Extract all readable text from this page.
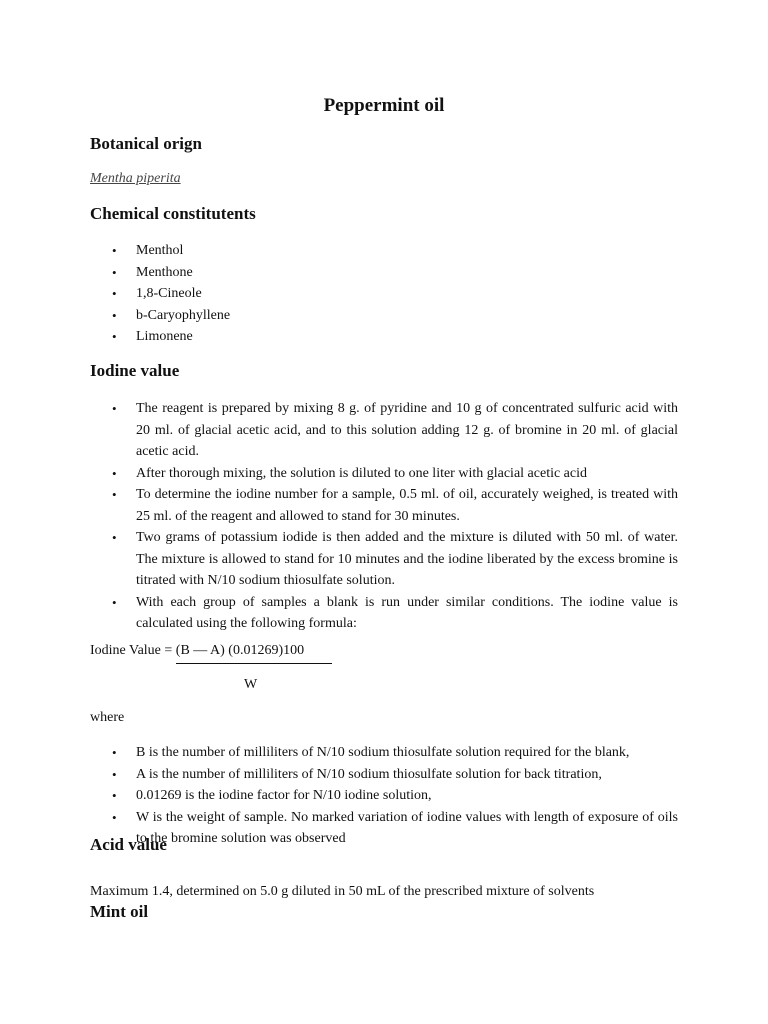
Peppermint oil
Botanical orign

Mentha piperita

Chemical constitutents
• Menthol
• Menthone
• 1,8-Cineole
• b-Caryophyllene
• Limonene
Iodine value
• The reagent is prepared by mixing 8 g. of pyridine and 10 g of concentrated sulfuric acid with 20 ml. of glacial acetic acid, and to this solution adding 12 g. of bromine in 20 ml. of glacial acetic acid.
• After thorough mixing, the solution is diluted to one liter with glacial acetic acid
• To determine the iodine number for a sample, 0.5 ml. of oil, accurately weighed, is treated with 25 ml. of the reagent and allowed to stand for 30 minutes.
• Two grams of potassium iodide is then added and the mixture is diluted with 50 ml. of water. The mixture is allowed to stand for 10 minutes and the iodine liberated by the excess bromine is titrated with N/10 sodium thiosulfate solution.
• With each group of samples a blank is run under similar conditions. The iodine value is calculated using the following formula:

Iodine Value = (B — A) (0.01269)100

W

where

• B is the number of milliliters of N/10 sodium thiosulfate solution required for the blank,
• A is the number of milliliters of N/10 sodium thiosulfate solution for back titration,
• 0.01269 is the iodine factor for N/10 iodine solution,
• W is the weight of sample. No marked variation of iodine values with length of exposure of oils to the bromine solution was observed
Acid value

Maximum 1.4, determined on 5.0 g diluted in 50 mL of the prescribed mixture of solvents

Mint oil
